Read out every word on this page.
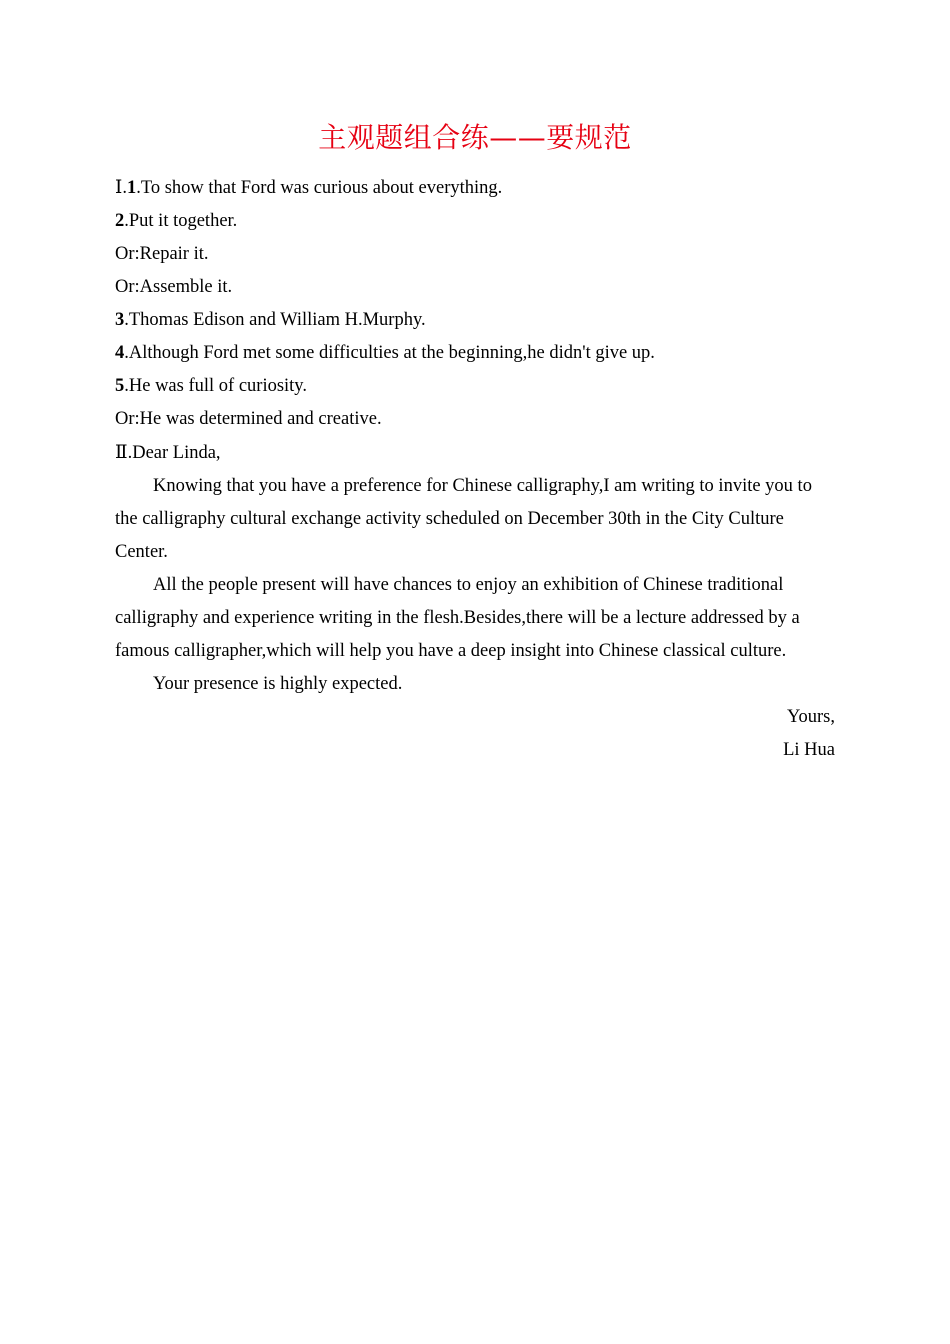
主观题组合练——要规范
Ⅰ.1.To show that Ford was curious about everything.
2.Put it together.
Or:Repair it.
Or:Assemble it.
3.Thomas Edison and William H.Murphy.
4.Although Ford met some difficulties at the beginning,he didn't give up.
5.He was full of curiosity.
Or:He was determined and creative.
Ⅱ.Dear Linda,

Knowing that you have a preference for Chinese calligraphy,I am writing to invite you to the calligraphy cultural exchange activity scheduled on December 30th in the City Culture Center.

All the people present will have chances to enjoy an exhibition of Chinese traditional calligraphy and experience writing in the flesh.Besides,there will be a lecture addressed by a famous calligrapher,which will help you have a deep insight into Chinese classical culture.

Your presence is highly expected.

Yours,
Li Hua
